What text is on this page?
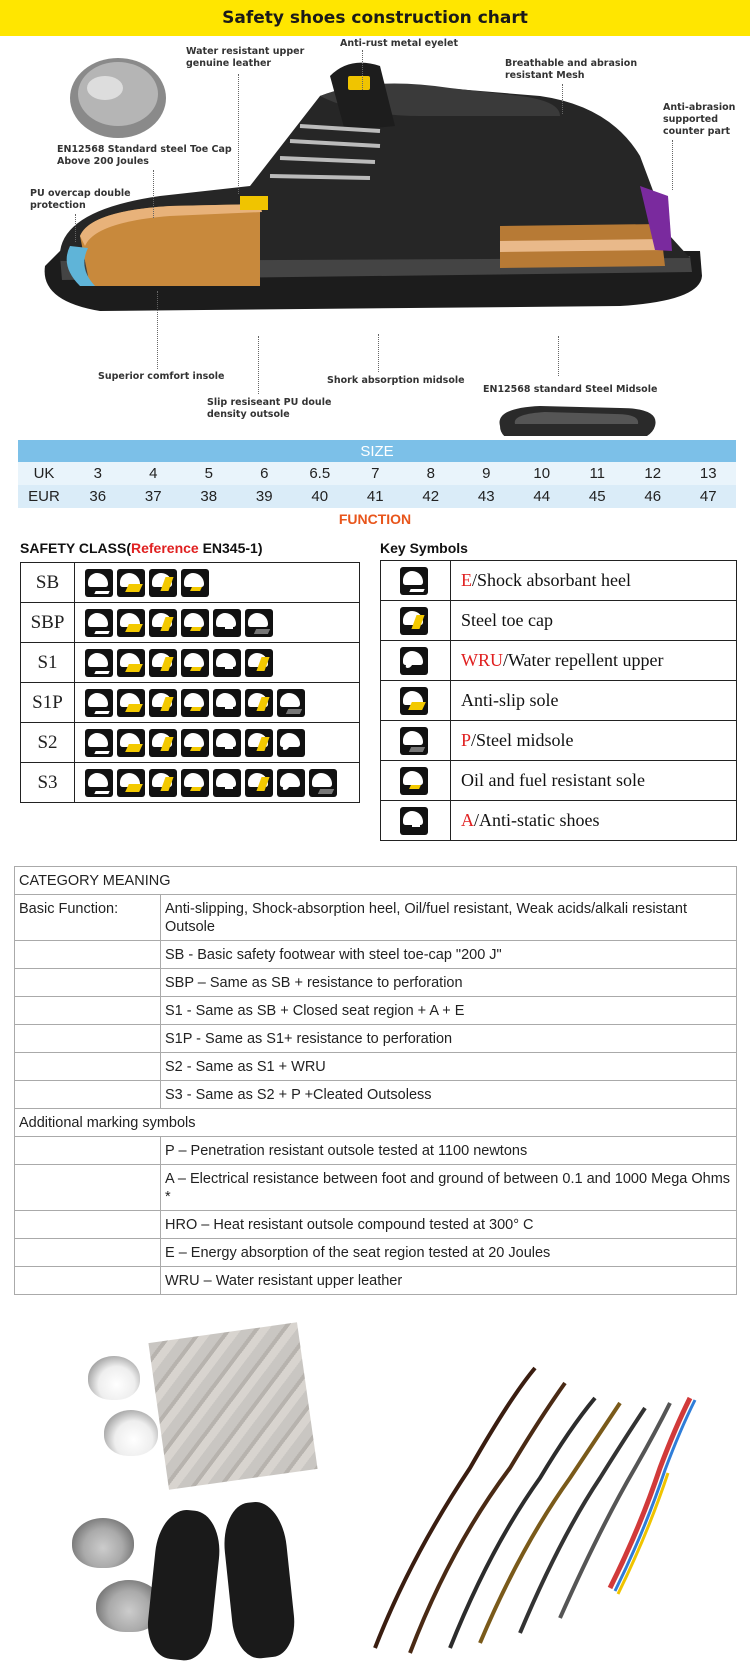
Safety shoes construction chart
Water resistant upper
genuine leather
Anti-rust metal eyelet
Breathable and abrasion
resistant Mesh
Anti-abrasion
supported
counter part
EN12568 Standard steel Toe Cap
Above 200 Joules
PU overcap double
protection
Superior comfort insole	Shork absorption midsole
Slip resiseant PU doule
density outsole
EN12568 standard Steel Midsole
SIZE
UK	3	4	5	6	6.5	7	8	9	10	11	12	13
EUR	36	37	38	39	40	41	42	43	44	45	46	47
FUNCTION
SAFETY CLASS(Reference EN345-1)
SB	
SBP	
S1	
S1P	
S2	
S3	
Key Symbols
	E/Shock absorbant heel
	Steel toe cap
	WRU/Water repellent upper
	Anti-slip sole
	P/Steel midsole
	Oil and fuel resistant sole
	A/Anti-static shoes
CATEGORY MEANING	
Basic Function:	Anti-slipping, Shock-absorption heel, Oil/fuel resistant, Weak acids/alkali resistant Outsole
	SB - Basic safety footwear with steel toe-cap "200 J"
	SBP – Same as SB + resistance to perforation
	S1 - Same as SB + Closed seat region + A + E
	S1P - Same as S1+ resistance to perforation
	S2 - Same as S1 + WRU
	S3 - Same as S2 + P +Cleated Outsoless
Additional marking symbols	
	P – Penetration resistant outsole tested at 1100 newtons
	A – Electrical resistance between foot and ground of between 0.1 and 1000 Mega Ohms *
	HRO – Heat resistant outsole compound tested at 300° C
	E – Energy absorption of the seat region tested at 20 Joules
	WRU – Water resistant upper leather
